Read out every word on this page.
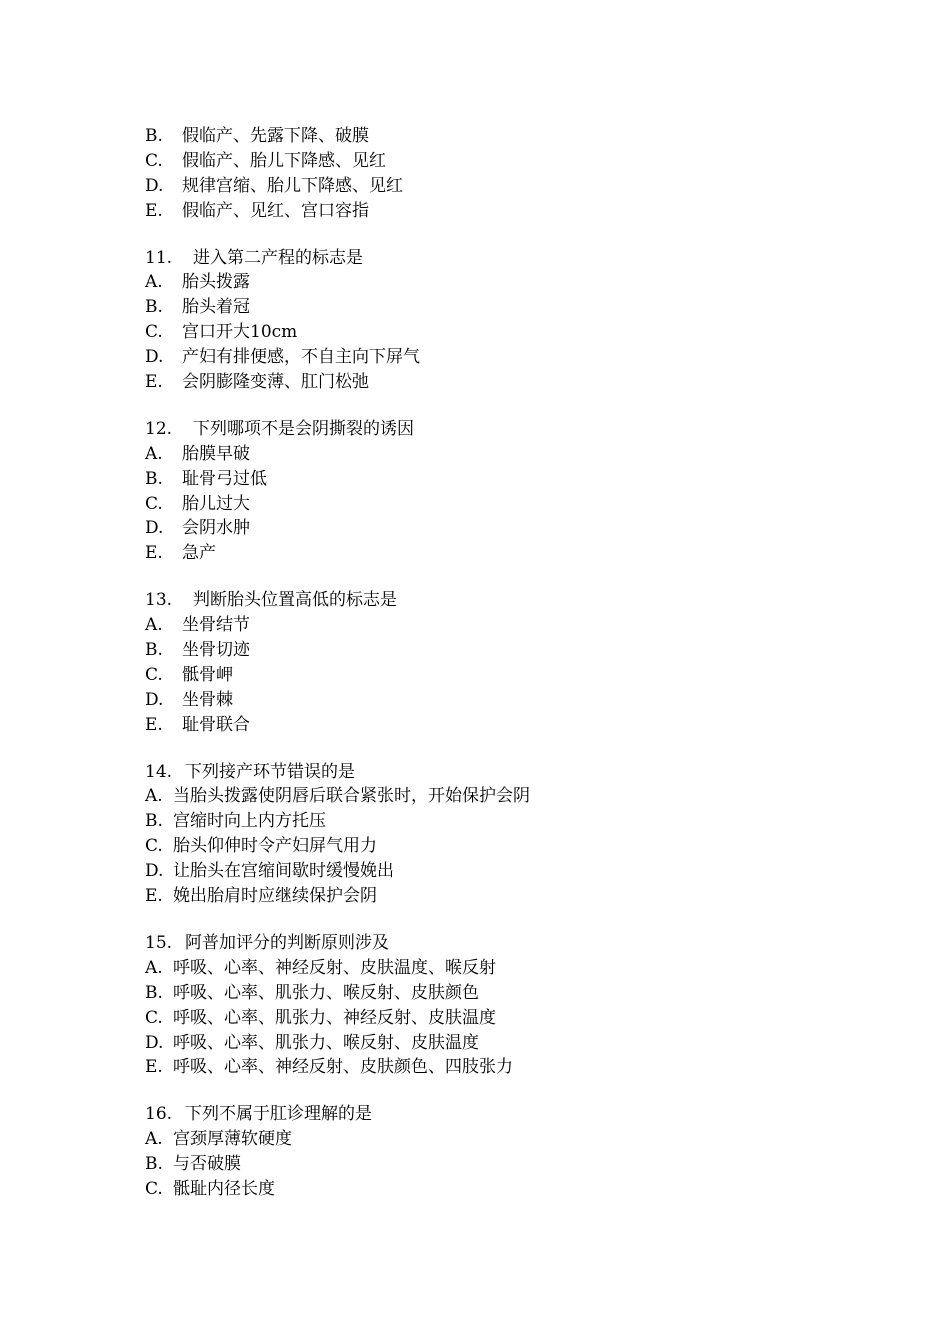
B. 假临产、先露下降、破膜
C. 假临产、胎儿下降感、见红
D. 规律宫缩、胎儿下降感、见红
E. 假临产、见红、宫口容指
11. 进入第二产程的标志是
A. 胎头拨露
B. 胎头着冠
C. 宫口开大10cm
D. 产妇有排便感，不自主向下屏气
E. 会阴膨隆变薄、肛门松弛
12. 下列哪项不是会阴撕裂的诱因
A. 胎膜早破
B. 耻骨弓过低
C. 胎儿过大
D. 会阴水肿
E. 急产
13. 判断胎头位置高低的标志是
A. 坐骨结节
B. 坐骨切迹
C. 骶骨岬
D. 坐骨棘
E. 耻骨联合
14. 下列接产环节错误的是
A. 当胎头拨露使阴唇后联合紧张时，开始保护会阴
B. 宫缩时向上内方托压
C. 胎头仰伸时令产妇屏气用力
D. 让胎头在宫缩间歇时缓慢娩出
E. 娩出胎肩时应继续保护会阴
15. 阿普加评分的判断原则涉及
A. 呼吸、心率、神经反射、皮肤温度、喉反射
B. 呼吸、心率、肌张力、喉反射、皮肤颜色
C. 呼吸、心率、肌张力、神经反射、皮肤温度
D. 呼吸、心率、肌张力、喉反射、皮肤温度
E. 呼吸、心率、神经反射、皮肤颜色、四肢张力
16. 下列不属于肛诊理解的是
A. 宫颈厚薄软硬度
B. 与否破膜
C. 骶耻内径长度
